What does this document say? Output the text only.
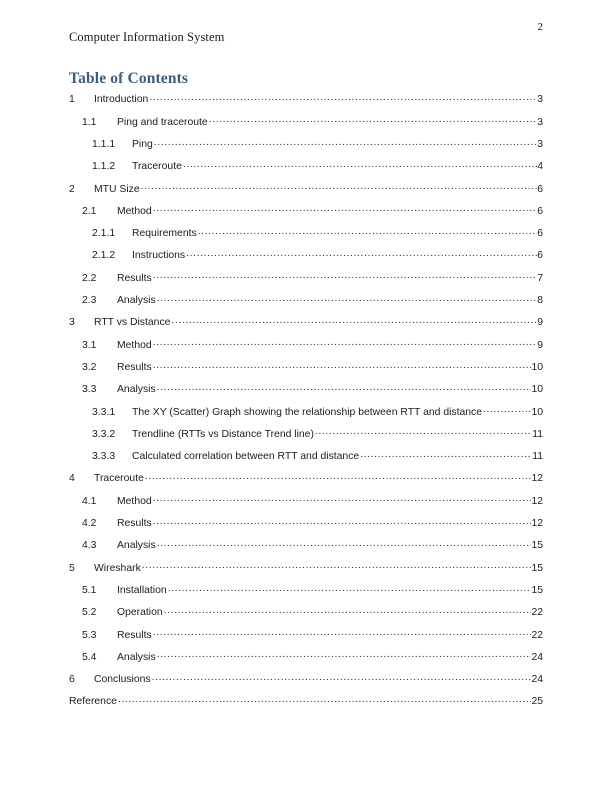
Computer Information System
2
Table of Contents
1	Introduction .....	3
1.1	Ping and traceroute .....	3
1.1.1	Ping .....	3
1.1.2	Traceroute .....	4
2	MTU Size .....	6
2.1	Method .....	6
2.1.1	Requirements .....	6
2.1.2	Instructions .....	6
2.2	Results .....	7
2.3	Analysis .....	8
3	RTT vs Distance .....	9
3.1	Method .....	9
3.2	Results .....	10
3.3	Analysis .....	10
3.3.1	The XY (Scatter) Graph showing the relationship between RTT and distance .....	10
3.3.2	Trendline (RTTs vs Distance Trend line) .....	11
3.3.3	Calculated correlation between RTT and distance .....	11
4	Traceroute .....	12
4.1	Method .....	12
4.2	Results .....	12
4.3	Analysis .....	15
5	Wireshark .....	15
5.1	Installation .....	15
5.2	Operation .....	22
5.3	Results .....	22
5.4	Analysis .....	24
6	Conclusions .....	24
Reference .....	25
